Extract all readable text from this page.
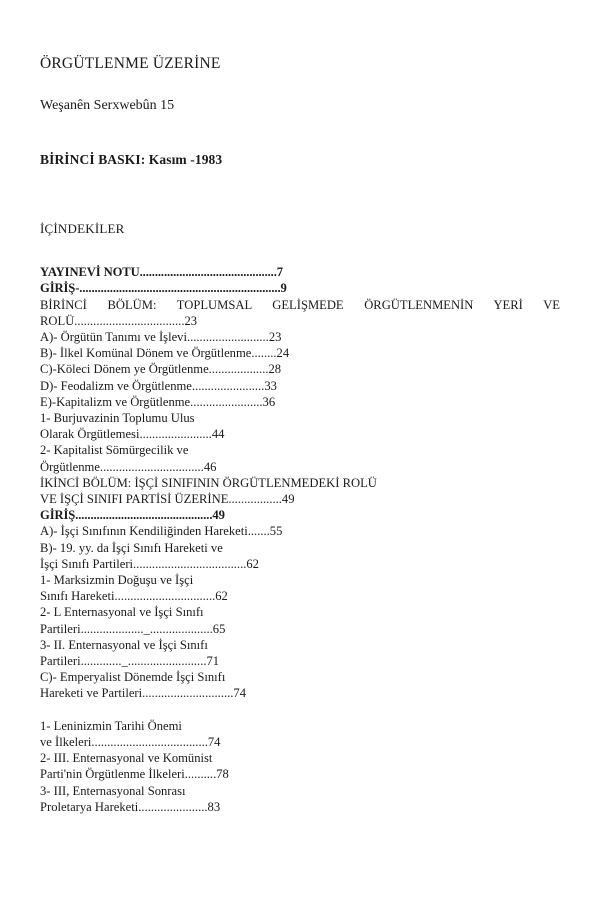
ÖRGÜTLENME ÜZERİNE
Weşanên Serxwebûn 15
BİRİNCİ BASKI: Kasım -1983
İÇİNDEKİLER
YAYINEVİ NOTU.............................................7
GİRİŞ-..................................................................9
BİRİNCİ BÖLÜM: TOPLUMSAL GELİŞMEDE ÖRGÜTLENMENİN YERİ VE
ROLÜ...................................23
A)- Örgütün Tanımı ve İşlevi..........................23
B)- İlkel Komünal Dönem ve Örgütlenme........24
C)-Köleci Dönem ye Örgütlenme...................28
D)- Feodalizm ve Örgütlenme.......................33
E)-Kapitalizm ve Örgütlenme.......................36
1- Burjuvazinin Toplumu Ulus
Olarak Örgütlemesi.......................44
2- Kapitalist Sömürgecilik ve
Örgütlenme.................................46
İKİNCİ BÖLÜM: İŞÇİ SINIFININ ÖRGÜTLENMEDEKİ ROLÜ
VE İŞÇİ SINIFI PARTİSİ ÜZERİNE.................49
GİRİŞ.............................................49
A)- İşçi Sınıfının Kendiliğinden Hareketi.......55
B)- 19. yy. da İşçi Sınıfı Hareketi ve
İşçi Sınıfı Partileri....................................62
1- Marksizmin Doğuşu ve İşçi
Sınıfı Hareketi................................62
2- L Enternasyonal ve İşçi Sınıfı
Partileri...................._....................65
3- II. Enternasyonal ve İşçi Sınıfı
Partileri............._.........................71
C)- Emperyalist Dönemde İşçi Sınıfı
Hareketi ve Partileri.............................74
1- Leninizmin Tarihi Önemi
ve İlkeleri.....................................74
2- III. Enternasyonal ve Komünist
Parti'nin Örgütlenme İlkeleri..........78
3- III, Enternasyonal Sonrası
Proletarya Hareketi......................83
